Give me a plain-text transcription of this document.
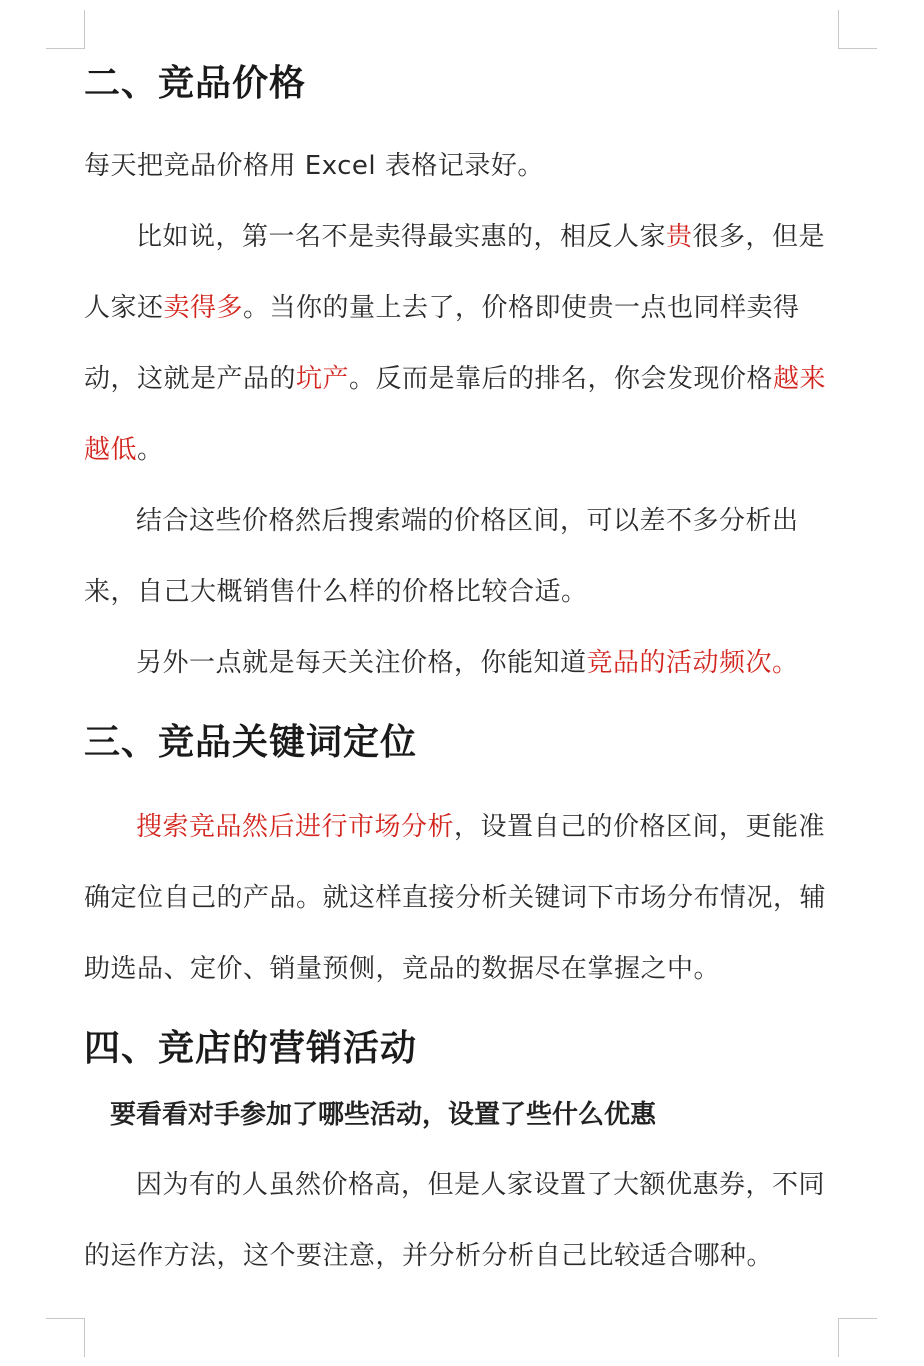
二、竞品价格

每天把竞品价格用 Excel 表格记录好。

比如说，第一名不是卖得最实惠的，相反人家贵很多，但是人家还卖得多。当你的量上去了，价格即使贵一点也同样卖得动，这就是产品的坑产。反而是靠后的排名，你会发现价格越来越低。

结合这些价格然后搜索端的价格区间，可以差不多分析出来，自己大概销售什么样的价格比较合适。

另外一点就是每天关注价格，你能知道竞品的活动频次。

三、竞品关键词定位

搜索竞品然后进行市场分析，设置自己的价格区间，更能准确定位自己的产品。就这样直接分析关键词下市场分布情况，辅助选品、定价、销量预侧，竞品的数据尽在掌握之中。

四、竞店的营销活动
要看看对手参加了哪些活动，设置了些什么优惠

因为有的人虽然价格高，但是人家设置了大额优惠券，不同的运作方法，这个要注意，并分析分析自己比较适合哪种。
